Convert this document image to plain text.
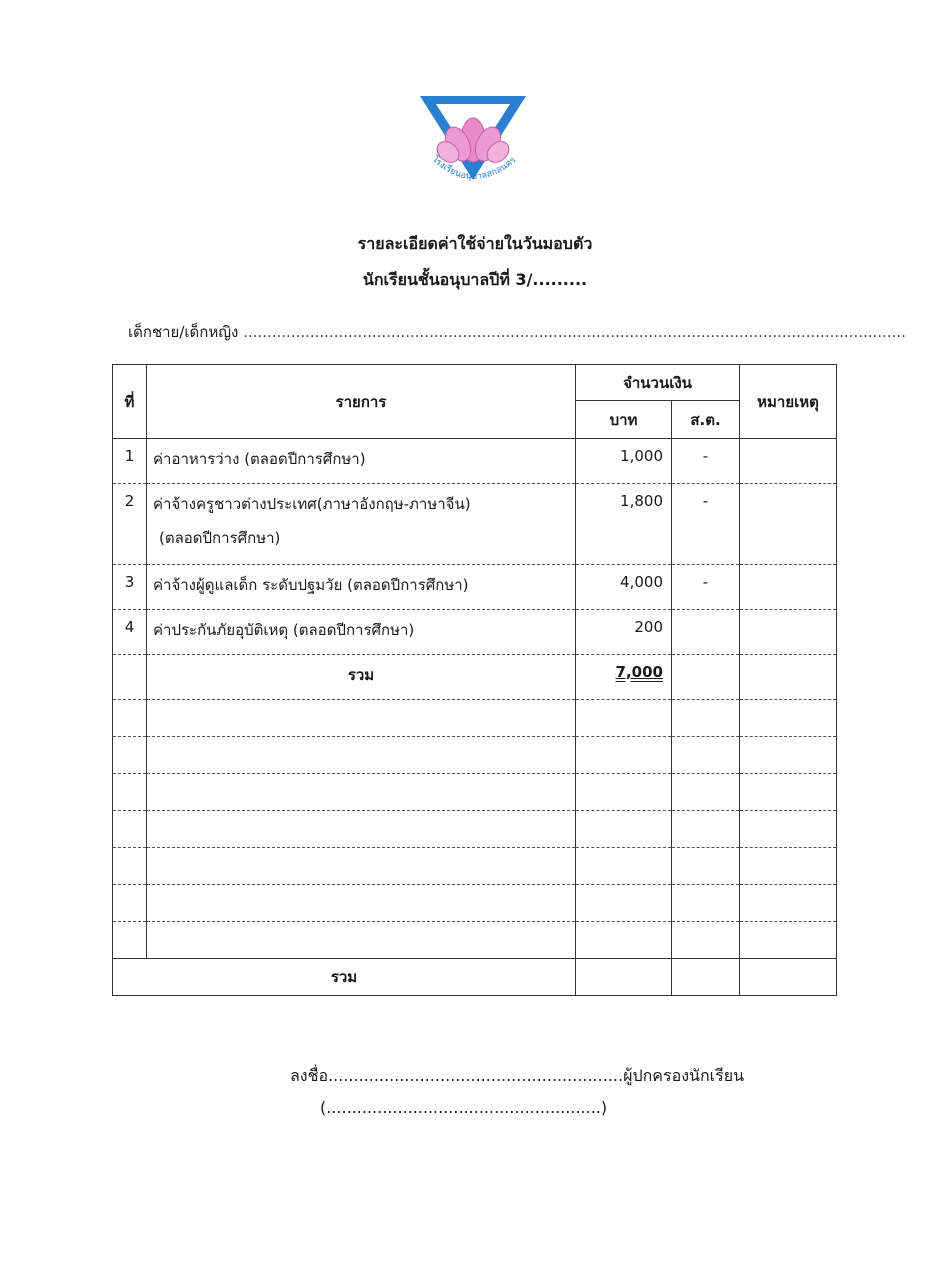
โรงเรียนอนุบาลสกลนคร
รายละเอียดค่าใช้จ่ายในวันมอบตัว
นักเรียนชั้นอนุบาลปีที่ 3/.........
เด็กชาย/เด็กหญิง ...........................................................................................................................................
ที่	รายการ	จำนวนเงิน		หมายเหตุ
		บาท	ส.ต.	
1	ค่าอาหารว่าง (ตลอดปีการศึกษา)	1,000	-	
2	ค่าจ้างครูชาวต่างประเทศ(ภาษาอังกฤษ-ภาษาจีน)
(ตลอดปีการศึกษา)	1,800	-	
3	ค่าจ้างผู้ดูแลเด็ก ระดับปฐมวัย (ตลอดปีการศึกษา)	4,000	-	
4	ค่าประกันภัยอุบัติเหตุ (ตลอดปีการศึกษา)	200		
	รวม	7,000		

รวม				
ลงชื่อ..........................................................ผู้ปกครองนักเรียน
(......................................................)
